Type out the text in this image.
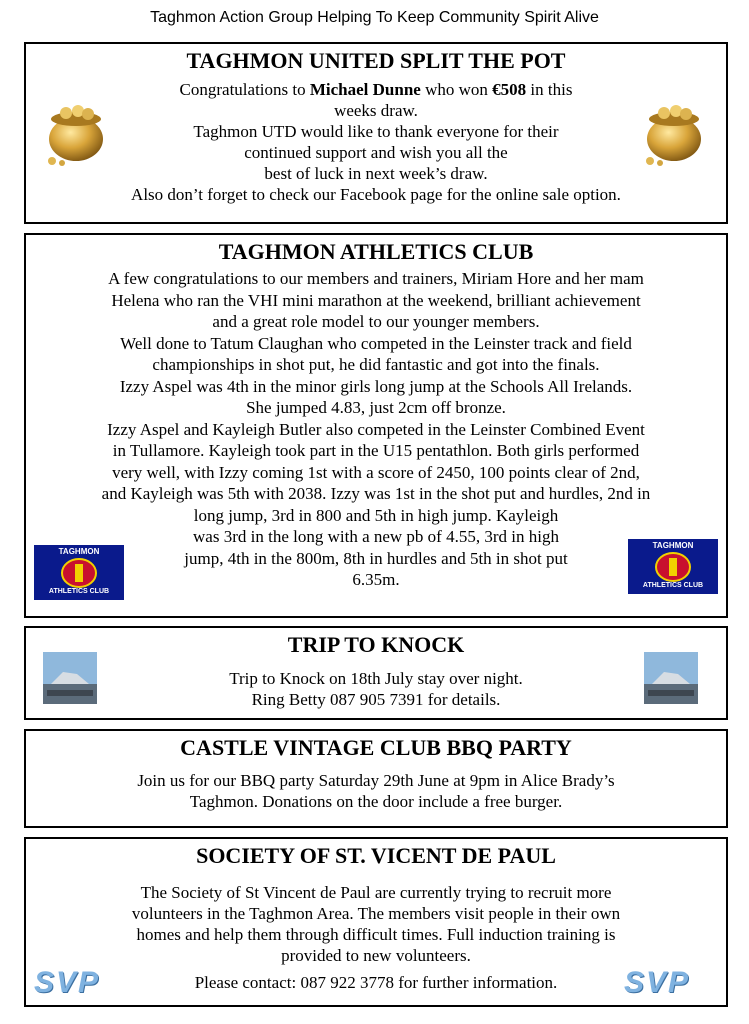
Taghmon Action Group Helping To Keep Community Spirit Alive
TAGHMON UNITED SPLIT THE POT

Congratulations to Michael Dunne who won €508 in this

weeks draw.

Taghmon UTD would like to thank everyone for their

continued support and wish you all the

best of luck in next week’s draw.

Also don’t forget to check our Facebook page for the online sale option.

TAGHMON ATHLETICS CLUB

A few congratulations to our members and trainers, Miriam Hore and her mam

Helena who ran the VHI mini marathon at the weekend, brilliant achievement

and a great role model to our younger members.

Well done to Tatum Claughan who competed in the Leinster track and field

championships in shot put, he did fantastic and got into the finals.

Izzy Aspel was 4th in the minor girls long jump at the Schools All Irelands.

She jumped 4.83, just 2cm off bronze.

Izzy Aspel and Kayleigh Butler also competed in the Leinster Combined Event

in Tullamore. Kayleigh took part in the U15 pentathlon. Both girls performed

very well, with Izzy coming 1st with a score of 2450, 100 points clear of 2nd,

and Kayleigh was 5th with 2038. Izzy was 1st in the shot put and hurdles, 2nd in

long jump, 3rd in 800 and 5th in high jump. Kayleigh

was 3rd in the long with a new pb of 4.55, 3rd in high

jump, 4th in the 800m, 8th in hurdles and 5th in shot put

6.35m.

TAGHMON
ATHLETICS CLUB
TAGHMON
ATHLETICS CLUB
TRIP TO KNOCK

Trip to Knock on 18th July stay over night.

Ring Betty 087 905 7391 for details.

CASTLE VINTAGE CLUB BBQ PARTY

Join us for our BBQ party Saturday 29th June at 9pm in Alice Brady’s

Taghmon. Donations on the door include a free burger.

SOCIETY OF ST. VICENT DE PAUL

The Society of St Vincent de Paul are currently trying to recruit more

volunteers in the Taghmon Area. The members visit people in their own

homes and help them through difficult times. Full induction training is

provided to new volunteers.

Please contact: 087 922 3778 for further information.

SVP	SVP
